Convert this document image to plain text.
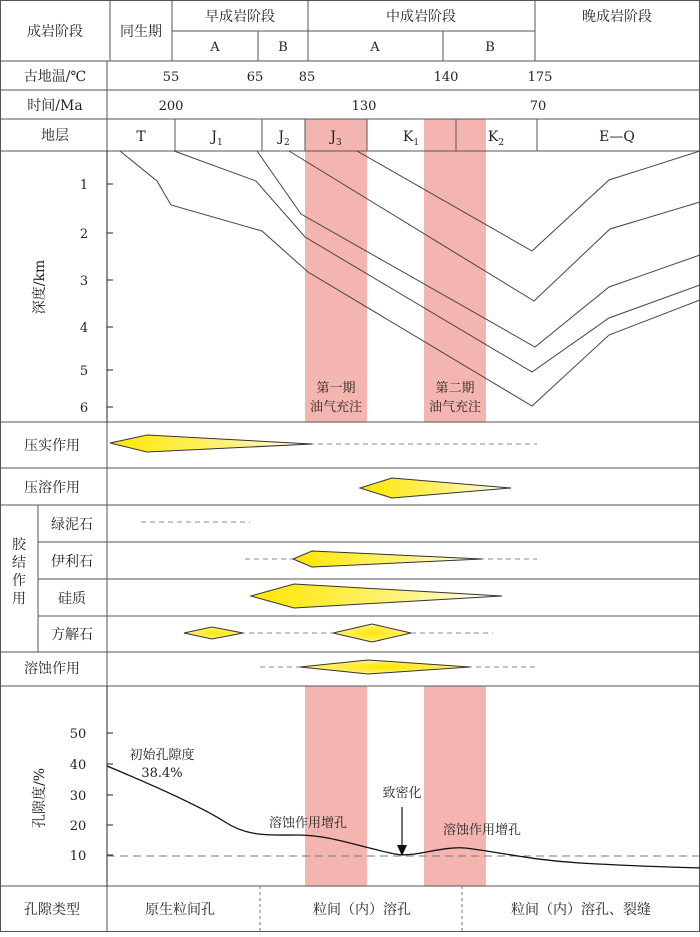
成岩阶段	同生期
早成岩阶段	中成岩阶段	晚成岩阶段
A	B	A	B
古地温/℃	55	65	85	140	175
时间/Ma	200	130	70
地层	T	$J_1$	$J_2$	$J_3$	$K_1$	$K_2$	E—Q
1
2
3
4
5
6
深度/km
第一期
油气充注
第二期
油气充注
压实作用
压溶作用
胶
结
作
用
绿泥石
伊利石
硅质
方解石
溶蚀作用
50
40
30
20
10
孔隙度/%
初始孔隙度
38.4%
溶蚀作用增孔
致密化
溶蚀作用增孔
孔隙类型	原生粒间孔	粒间（内）溶孔	粒间（内）溶孔、裂缝
